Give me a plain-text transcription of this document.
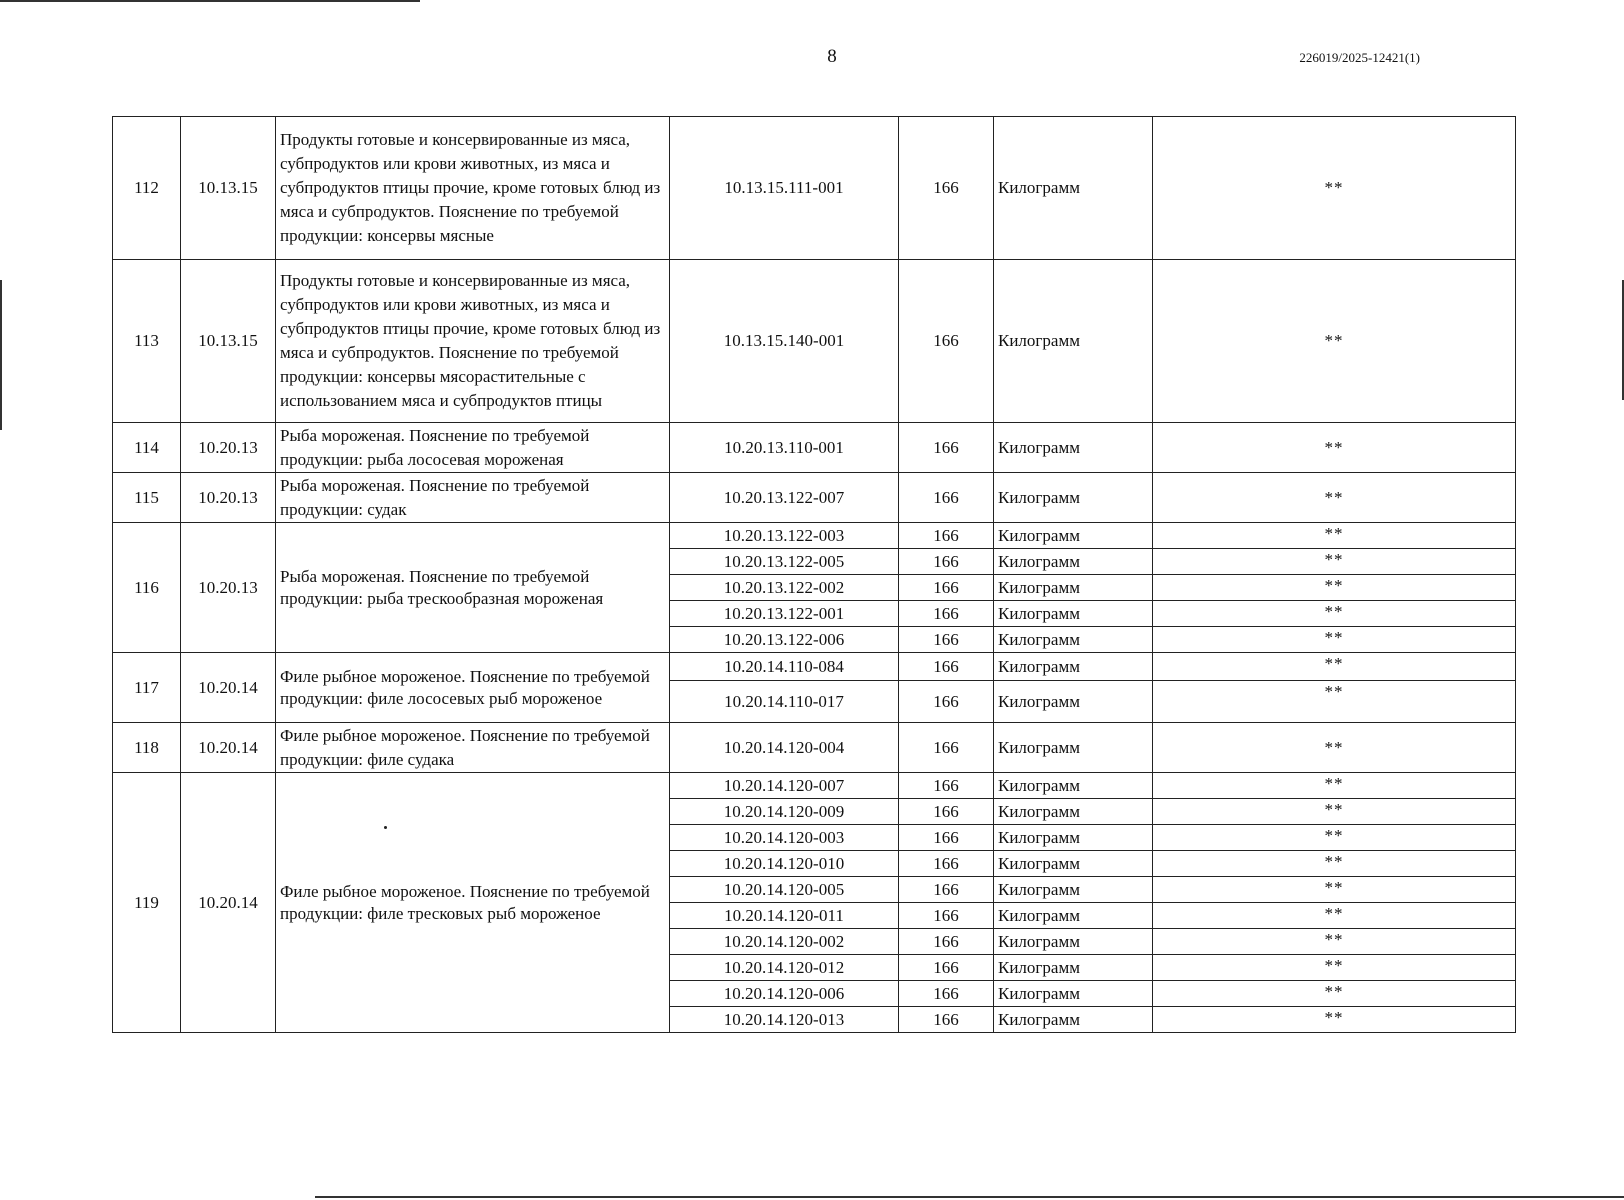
8	226019/2025-12421(1)
112	10.13.15	Продукты готовые и консервированные из мяса, субпродуктов или крови животных, из мяса и субпродуктов птицы прочие, кроме готовых блюд из мяса и субпродуктов. Пояснение по требуемой продукции: консервы мясные	10.13.15.111-001	166	Килограмм	**
113	10.13.15	Продукты готовые и консервированные из мяса, субпродуктов или крови животных, из мяса и субпродуктов птицы прочие, кроме готовых блюд из мяса и субпродуктов. Пояснение по требуемой продукции: консервы мясорастительные с использованием мяса и субпродуктов птицы	10.13.15.140-001	166	Килограмм	**
114	10.20.13	Рыба мороженая. Пояснение по требуемой продукции: рыба лососевая мороженая	10.20.13.110-001	166	Килограмм	**
115	10.20.13	Рыба мороженая. Пояснение по требуемой продукции: судак	10.20.13.122-007	166	Килограмм	**
116	10.20.13	Рыба мороженая. Пояснение по требуемой продукции: рыба трескообразная мороженая	10.20.13.122-003	166	Килограмм	**
			10.20.13.122-005	166	Килограмм	**
			10.20.13.122-002	166	Килограмм	**
			10.20.13.122-001	166	Килограмм	**
			10.20.13.122-006	166	Килограмм	**
117	10.20.14	Филе рыбное мороженое. Пояснение по требуемой продукции: филе лососевых рыб мороженое	10.20.14.110-084	166	Килограмм	**
			10.20.14.110-017	166	Килограмм	**
118	10.20.14	Филе рыбное мороженое. Пояснение по требуемой продукции: филе судака	10.20.14.120-004	166	Килограмм	**
119	10.20.14	Филе рыбное мороженое. Пояснение по требуемой продукции: филе тресковых рыб мороженое	10.20.14.120-007	166	Килограмм	**
			10.20.14.120-009	166	Килограмм	**
			10.20.14.120-003	166	Килограмм	**
			10.20.14.120-010	166	Килограмм	**
			10.20.14.120-005	166	Килограмм	**
			10.20.14.120-011	166	Килограмм	**
			10.20.14.120-002	166	Килограмм	**
			10.20.14.120-012	166	Килограмм	**
			10.20.14.120-006	166	Килограмм	**
			10.20.14.120-013	166	Килограмм	**
